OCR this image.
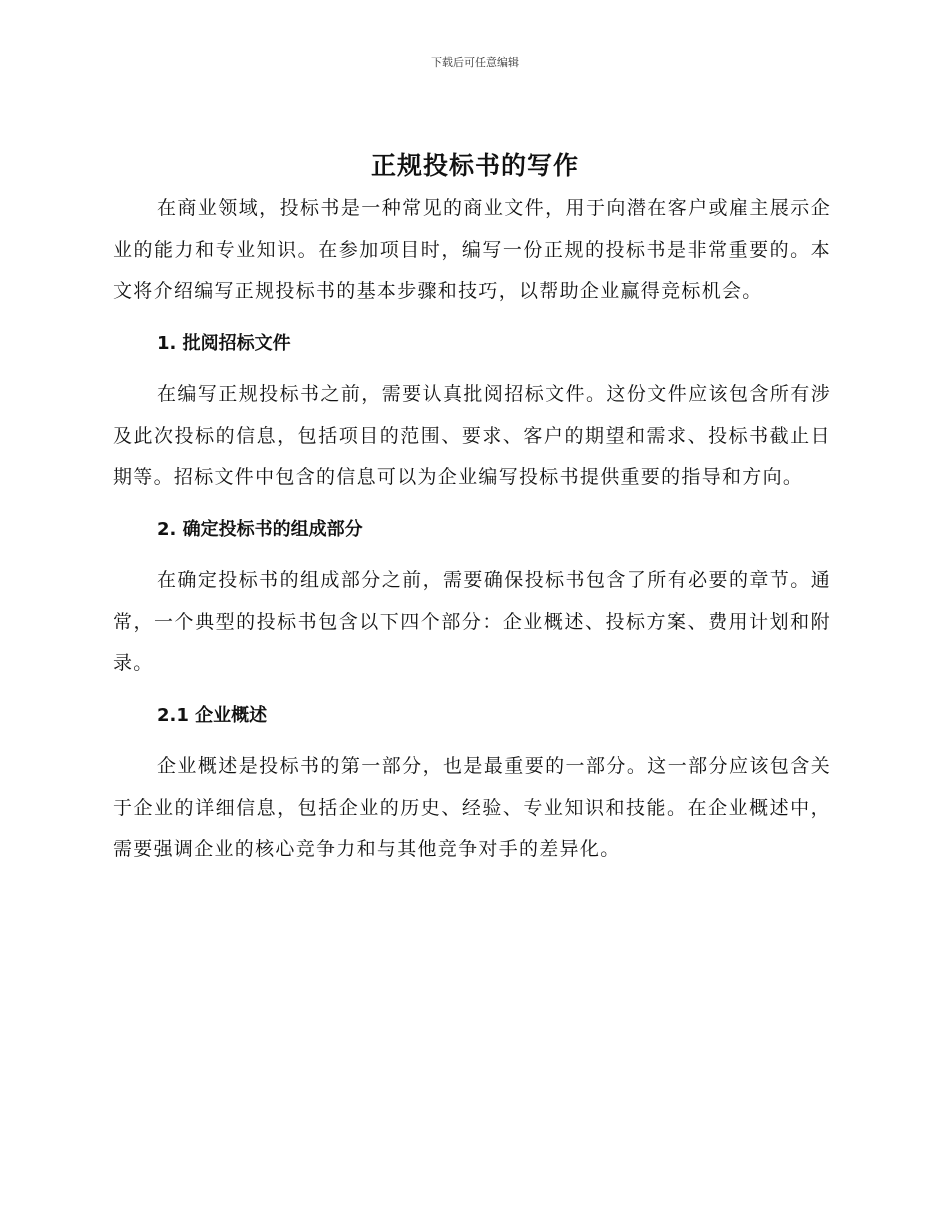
下载后可任意编辑
正规投标书的写作

在商业领域，投标书是一种常见的商业文件，用于向潜在客户或雇主展示企业的能力和专业知识。在参加项目时，编写一份正规的投标书是非常重要的。本文将介绍编写正规投标书的基本步骤和技巧，以帮助企业赢得竞标机会。

1. 批阅招标文件

在编写正规投标书之前，需要认真批阅招标文件。这份文件应该包含所有涉及此次投标的信息，包括项目的范围、要求、客户的期望和需求、投标书截止日期等。招标文件中包含的信息可以为企业编写投标书提供重要的指导和方向。

2. 确定投标书的组成部分

在确定投标书的组成部分之前，需要确保投标书包含了所有必要的章节。通常，一个典型的投标书包含以下四个部分：企业概述、投标方案、费用计划和附录。

2.1 企业概述

企业概述是投标书的第一部分，也是最重要的一部分。这一部分应该包含关于企业的详细信息，包括企业的历史、经验、专业知识和技能。在企业概述中，需要强调企业的核心竞争力和与其他竞争对手的差异化。
